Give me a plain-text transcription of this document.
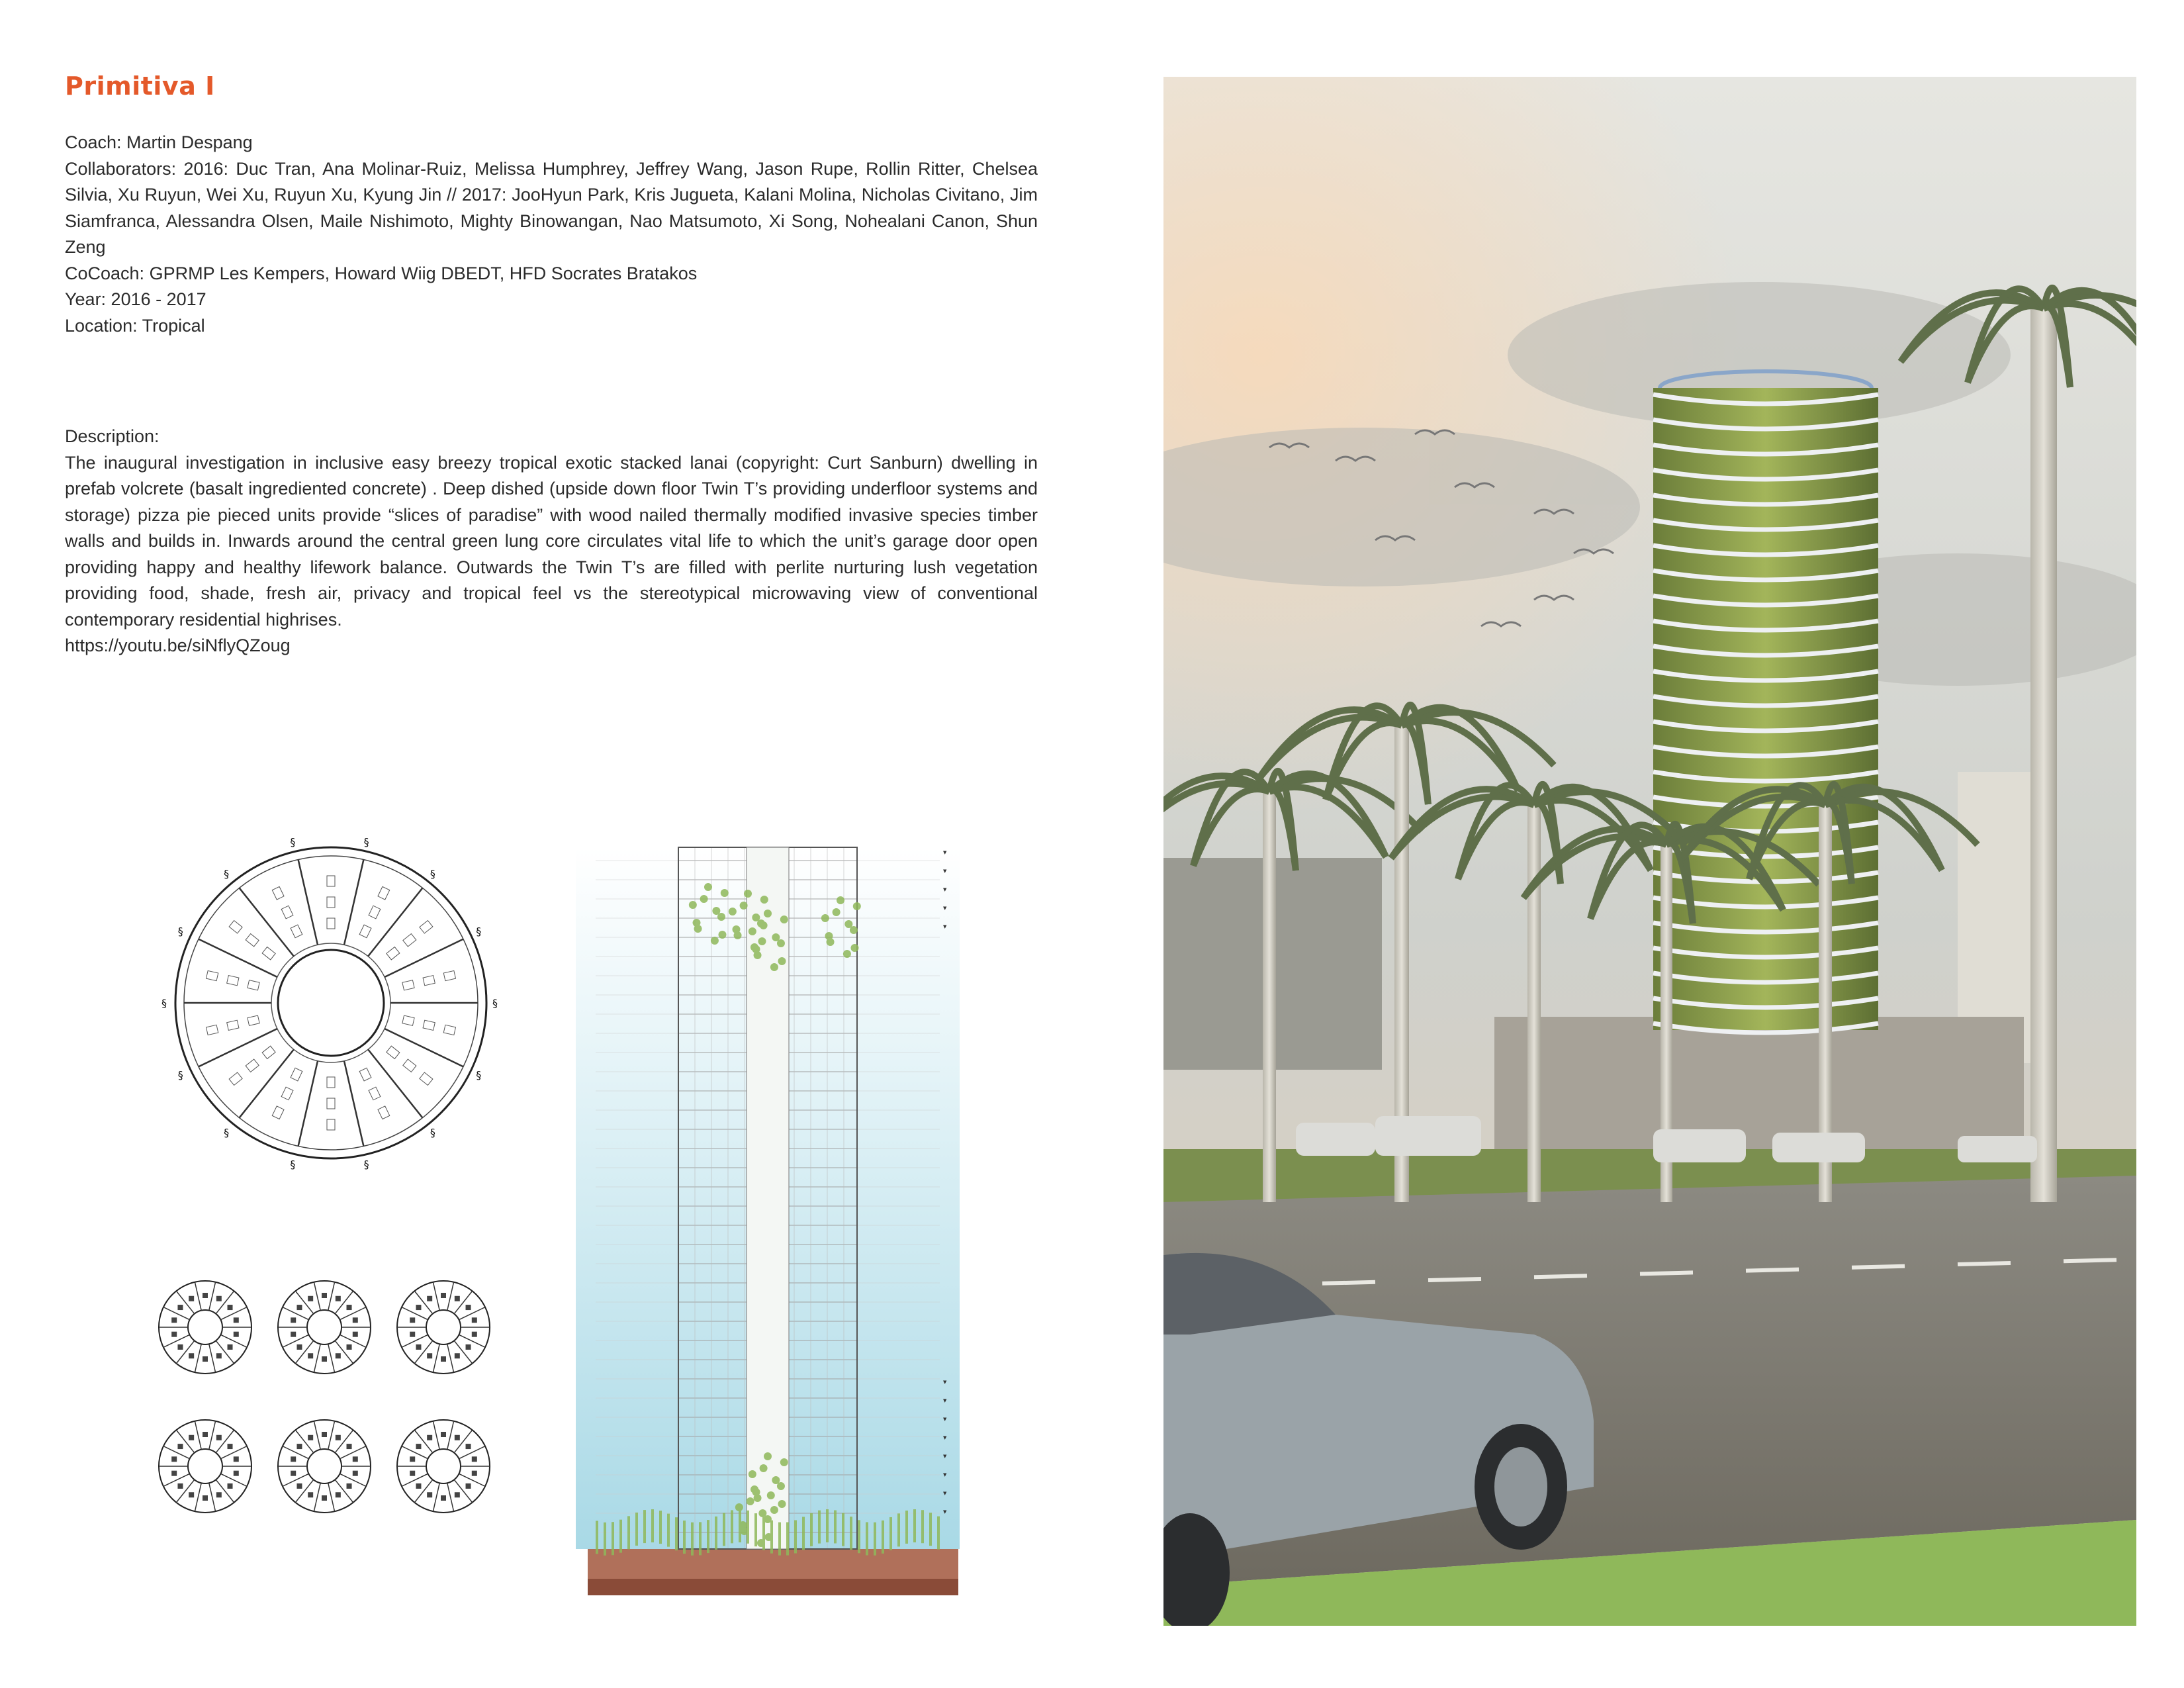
Primitiva I

Coach: Martin Despang

Collaborators: 2016: Duc Tran, Ana Molinar-Ruiz, Melissa Humphrey, Jeffrey Wang, Jason Rupe, Rollin Ritter, Chelsea Silvia, Xu Ruyun, Wei Xu, Ruyun Xu, Kyung Jin // 2017: JooHyun Park, Kris Jugueta, Kalani Molina, Nicholas Civitano, Jim Siamfranca, Alessandra Olsen, Maile Nishimoto, Mighty Binowangan, Nao Matsumoto, Xi Song, Nohealani Canon, Shun Zeng

CoCoach: GPRMP Les Kempers, Howard Wiig DBEDT, HFD Socrates Bratakos

Year: 2016 - 2017

Location: Tropical

Description:

The inaugural investigation in inclusive easy breezy tropical exotic stacked lanai (copyright: Curt Sanburn) dwelling in prefab volcrete (basalt ingrediented concrete) . Deep dished (upside down floor Twin T’s providing underfloor systems and storage) pizza pie pieced units provide “slices of paradise” with wood nailed thermally modified invasive species timber walls and builds in. Inwards around the central green lung core circulates vital life to which the unit’s garage door open providing happy and healthy lifework balance. Outwards the Twin T’s are filled with perlite nurturing lush vegetation providing food, shade, fresh air, privacy and tropical feel vs the stereotypical microwaving view of conventional contemporary residential highrises.

https://youtu.be/siNflyQZoug

§
§
§
§
§
§
§
§
§
§
§	§
§
§
▼
▼
▼
▼
▼
▼
▼
▼
▼
▼
▼
▼
▼
